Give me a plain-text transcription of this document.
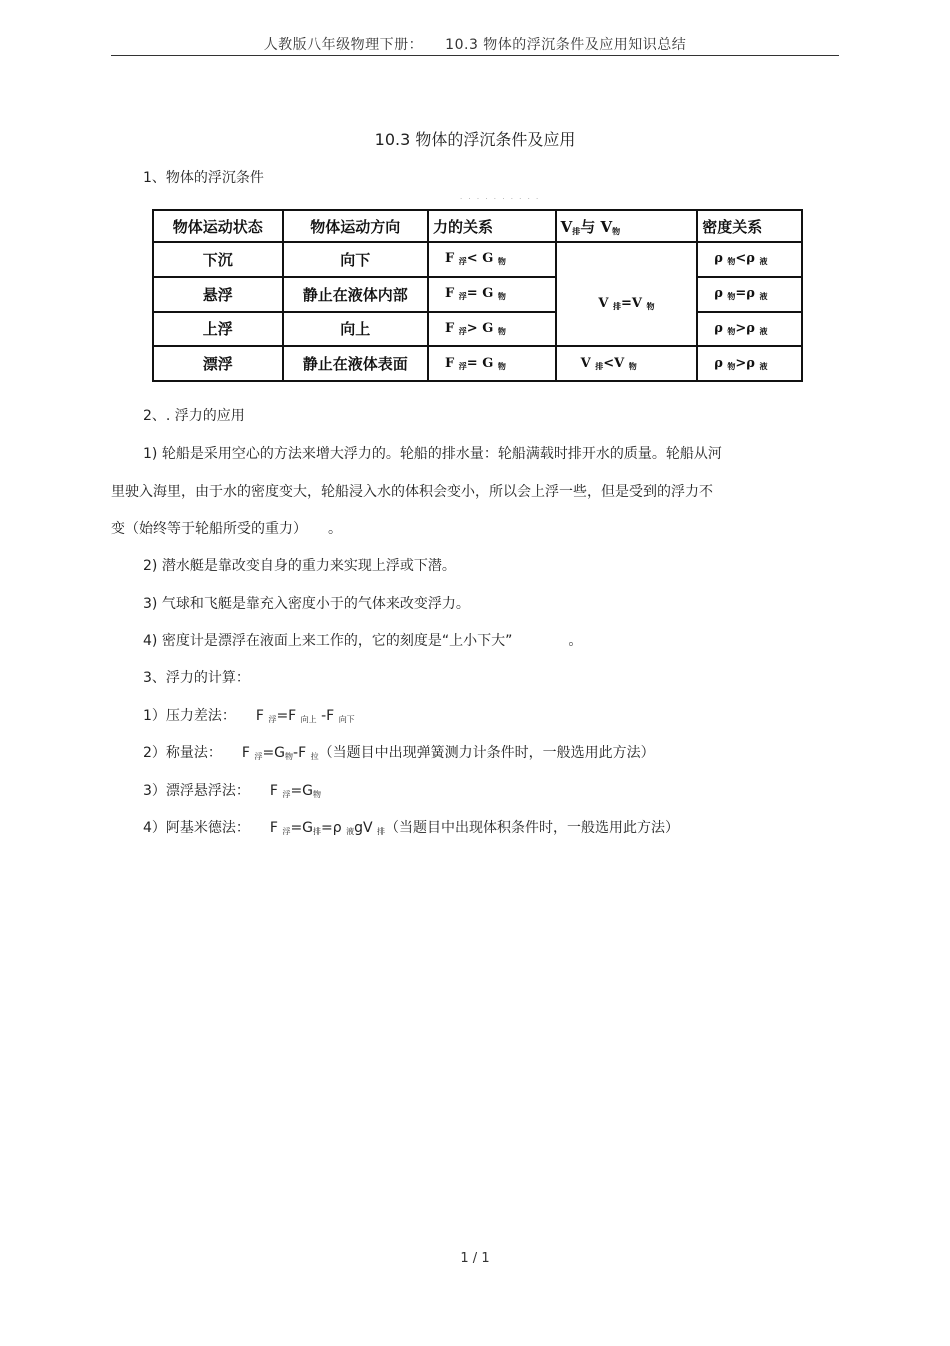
人教版八年级物理下册：　　10.3 物体的浮沉条件及应用知识总结
10.3 物体的浮沉条件及应用
1、物体的浮沉条件
· · · · · · · · · ·
物体运动状态	物体运动方向	力的关系	V排与 V物	密度关系
下沉	向下	F 浮< G 物	V 排=V 物	ρ 物<ρ 液
悬浮	静止在液体内部	F 浮= G 物		ρ 物=ρ 液
上浮	向上	F 浮> G 物		ρ 物>ρ 液
漂浮	静止在液体表面	F 浮= G 物	V 排<V 物	ρ 物>ρ 液
2、. 浮力的应用
1) 轮船是采用空心的方法来增大浮力的。轮船的排水量：轮船满载时排开水的质量。轮船从河
里驶入海里，由于水的密度变大，轮船浸入水的体积会变小，所以会上浮一些，但是受到的浮力不
变（始终等于轮船所受的重力）　　。
2) 潜水艇是靠改变自身的重力来实现上浮或下潜。
3) 气球和飞艇是靠充入密度小于的气体来改变浮力。
4) 密度计是漂浮在液面上来工作的，它的刻度是“上小下大”　　　　。
3、浮力的计算：
1）压力差法： F $_浮$=F $_{向上}$ -F $_{向下}$
2）称量法： F $_浮=G_物-F$ $_拉$（当题目中出现弹簧测力计条件时，一般选用此方法）
3）漂浮悬浮法： F $_浮=G_物$
4）阿基米德法： F $_浮=G_排=\rho$ $_液$gV $_排$（当题目中出现体积条件时，一般选用此方法）
1 / 1
